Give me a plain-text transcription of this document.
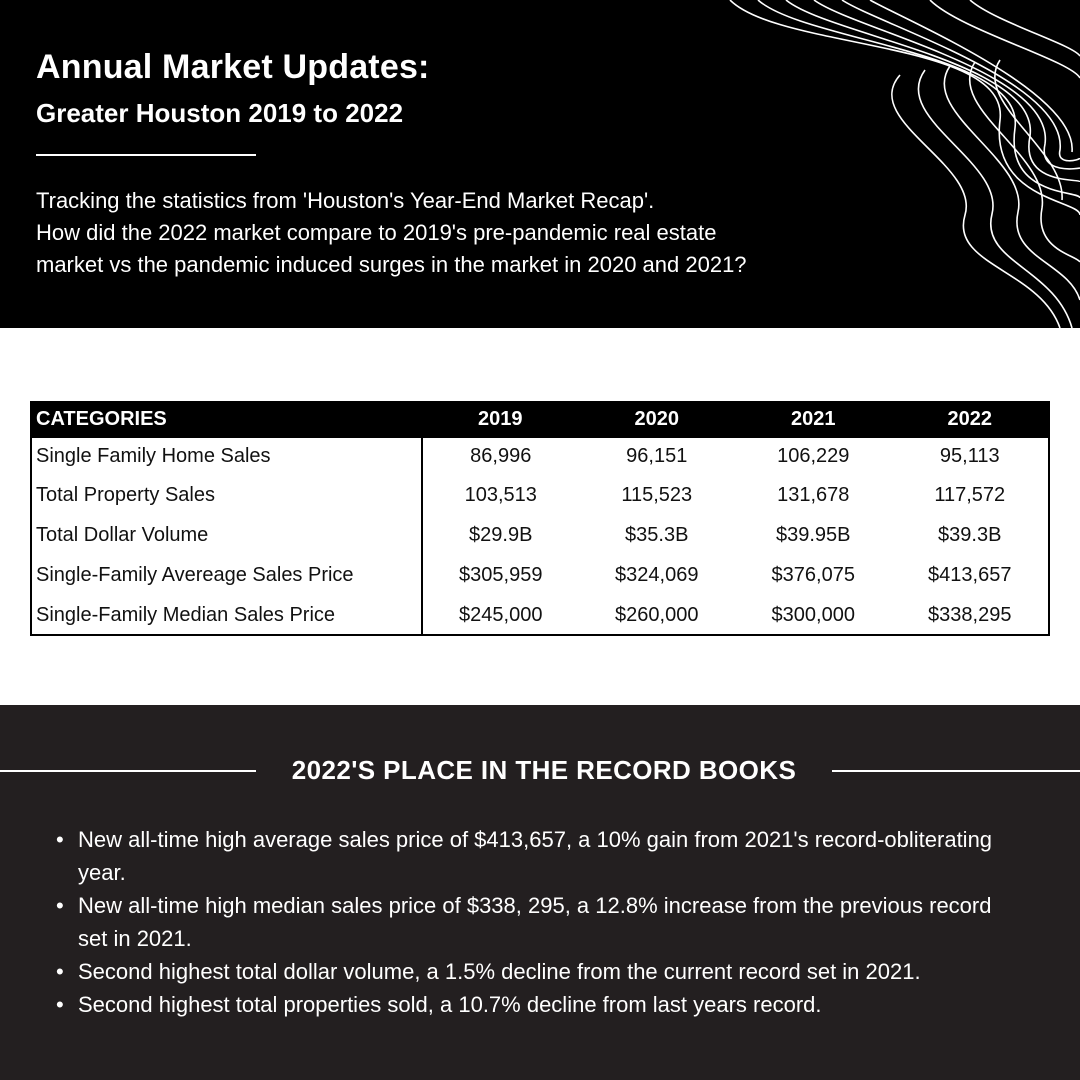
Annual Market Updates:
Greater Houston 2019 to 2022

Tracking the statistics from 'Houston's Year-End Market Recap'.

How did the 2022 market compare to 2019's pre-pandemic real estate

market vs the pandemic induced surges in the market in 2020 and 2021?

CATEGORIES	2019	2020	2021	2022
Single Family Home Sales	86,996	96,151	106,229	95,113
Total Property Sales	103,513	115,523	131,678	117,572
Total Dollar Volume	$29.9B	$35.3B	$39.95B	$39.3B
Single-Family Avereage Sales Price	$305,959	$324,069	$376,075	$413,657
Single-Family Median Sales Price	$245,000	$260,000	$300,000	$338,295
2022'S PLACE IN THE RECORD BOOKS
• New all-time high average sales price of $413,657, a 10% gain from 2021's record-obliterating year.
• New all-time high median sales price of $338, 295, a 12.8% increase from the previous record set in 2021.
• Second highest total dollar volume, a 1.5% decline from the current record set in 2021.
• Second highest total properties sold, a 10.7% decline from last years record.
